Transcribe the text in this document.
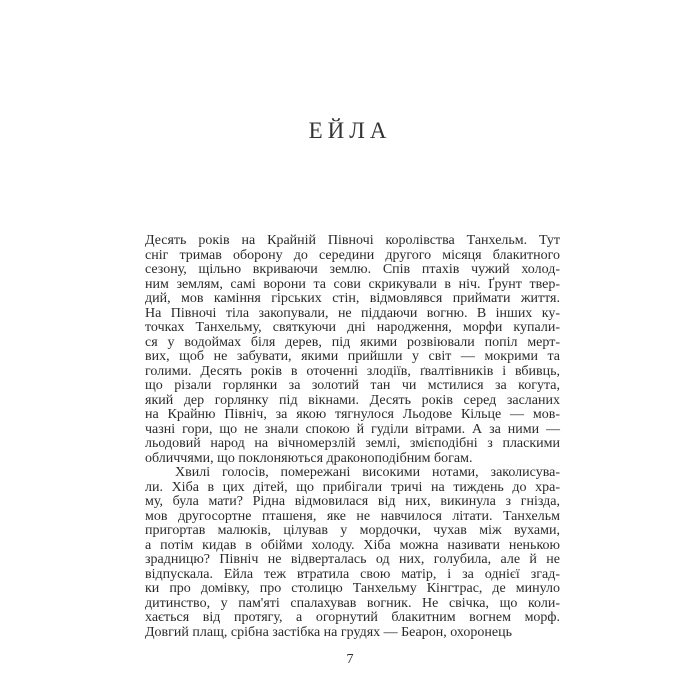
ЕЙЛА
Десять років на Крайній Півночі королівства Танхельм. Тут
сніг тримав оборону до середини другого місяця блакитного
сезону, щільно вкриваючи землю. Спів птахів чужий холод-
ним землям, самі ворони та сови скрикували в ніч. Ґрунт твер-
дий, мов каміння гірських стін, відмовлявся приймати життя.
На Півночі тіла закопували, не піддаючи вогню. В інших ку-
точках Танхельму, святкуючи дні народження, морфи купали-
ся у водоймах біля дерев, під якими розвіювали попіл мерт-
вих, щоб не забувати, якими прийшли у світ — мокрими та
голими. Десять років в оточенні злодіїв, ґвалтівників і вбивць,
що різали горлянки за золотий тан чи мстилися за когута,
який дер горлянку під вікнами. Десять років серед засланих
на Крайню Північ, за якою тягнулося Льодове Кільце — мов-
чазні гори, що не знали спокою й гуділи вітрами. А за ними —
льодовий народ на вічномерзлій землі, змієподібні з пласкими
обличчями, що поклоняються драконоподібним богам.
Хвилі голосів, помережані високими нотами, заколисува-
ли. Хіба в цих дітей, що прибігали тричі на тиждень до хра-
му, була мати? Рідна відмовилася від них, викинула з гнізда,
мов другосортне пташеня, яке не навчилося літати. Танхельм
пригортав малюків, цілував у мордочки, чухав між вухами,
а потім кидав в обійми холоду. Хіба можна називати ненькою
зрадницю? Північ не відверталась од них, голубила, але й не
відпускала. Ейла теж втратила свою матір, і за однієї згад-
ки про домівку, про столицю Танхельму Кінгтрас, де минуло
дитинство, у пам'яті спалахував вогник. Не свічка, що коли-
хається від протягу, а огорнутий блакитним вогнем морф.
Довгий плащ, срібна застібка на грудях — Беарон, охоронець
7
